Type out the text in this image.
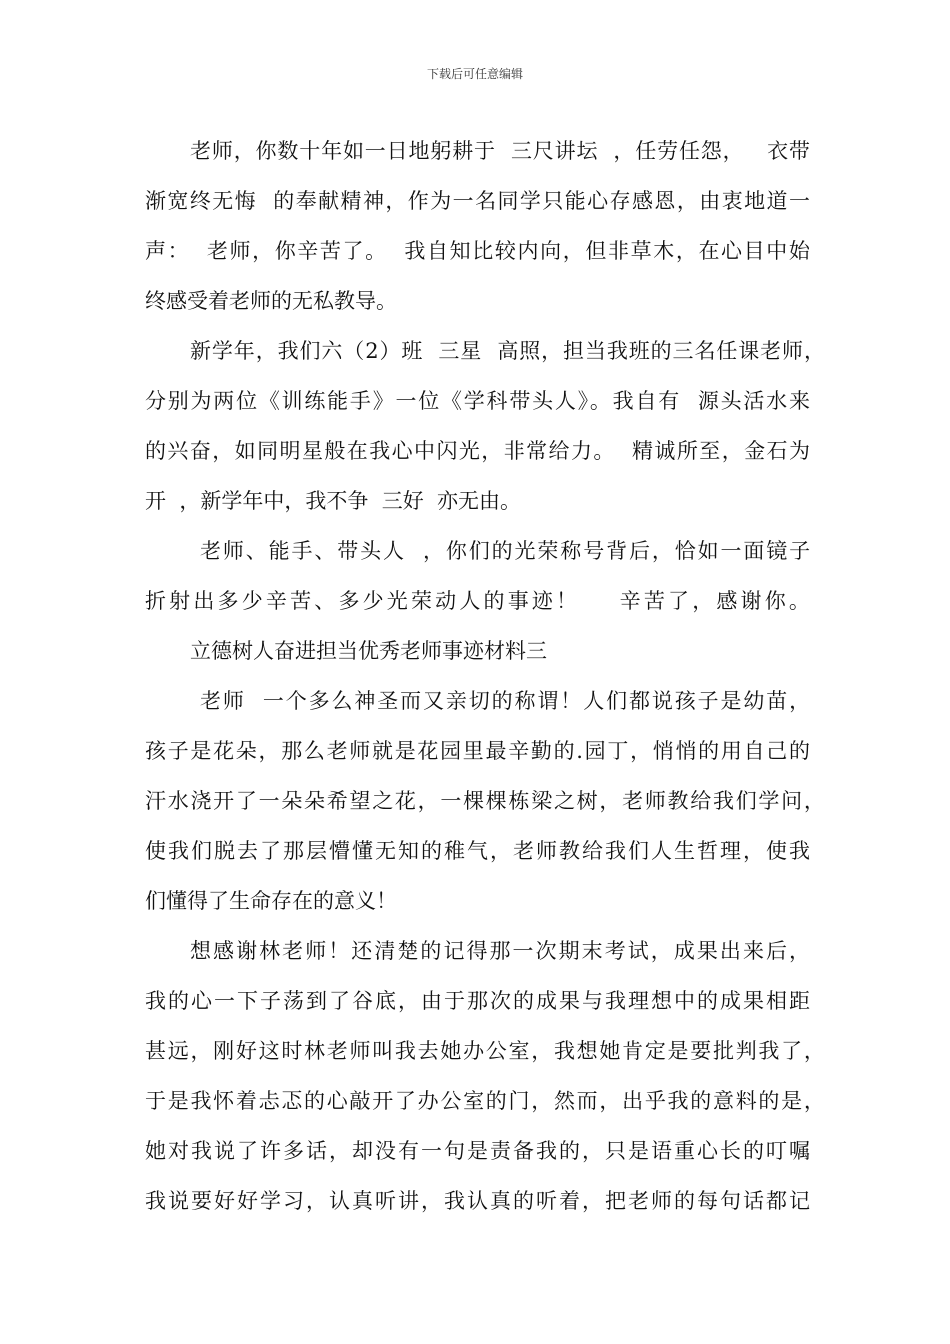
下载后可任意编辑
老师，你数十年如一日地躬耕于  三尺讲坛  ，任劳任怨，   衣带
渐宽终无悔  的奉献精神，作为一名同学只能心存感恩，由衷地道一
声：  老师，你辛苦了。  我自知比较内向，但非草木，在心目中始
终感受着老师的无私教导。
新学年，我们六（2）班  三星  高照，担当我班的三名任课老师，
分别为两位《训练能手》一位《学科带头人》。我自有  源头活水来
的兴奋，如同明星般在我心中闪光，非常给力。  精诚所至，金石为
开  ，新学年中，我不争  三好  亦无由。
老师、能手、带头人  ，你们的光荣称号背后，恰如一面镜子
折射出多少辛苦、多少光荣动人的事迹！    辛苦了，感谢你。
立德树人奋进担当优秀老师事迹材料三
老师  一个多么神圣而又亲切的称谓！人们都说孩子是幼苗，
孩子是花朵，那么老师就是花园里最辛勤的.园丁，悄悄的用自己的
汗水浇开了一朵朵希望之花，一棵棵栋梁之树，老师教给我们学问，
使我们脱去了那层懵懂无知的稚气，老师教给我们人生哲理，使我
们懂得了生命存在的意义！
想感谢林老师！还清楚的记得那一次期末考试，成果出来后，
我的心一下子荡到了谷底，由于那次的成果与我理想中的成果相距
甚远，刚好这时林老师叫我去她办公室，我想她肯定是要批判我了，
于是我怀着忐忑的心敲开了办公室的门，然而，出乎我的意料的是，
她对我说了许多话，却没有一句是责备我的，只是语重心长的叮嘱
我说要好好学习，认真听讲，我认真的听着，把老师的每句话都记
